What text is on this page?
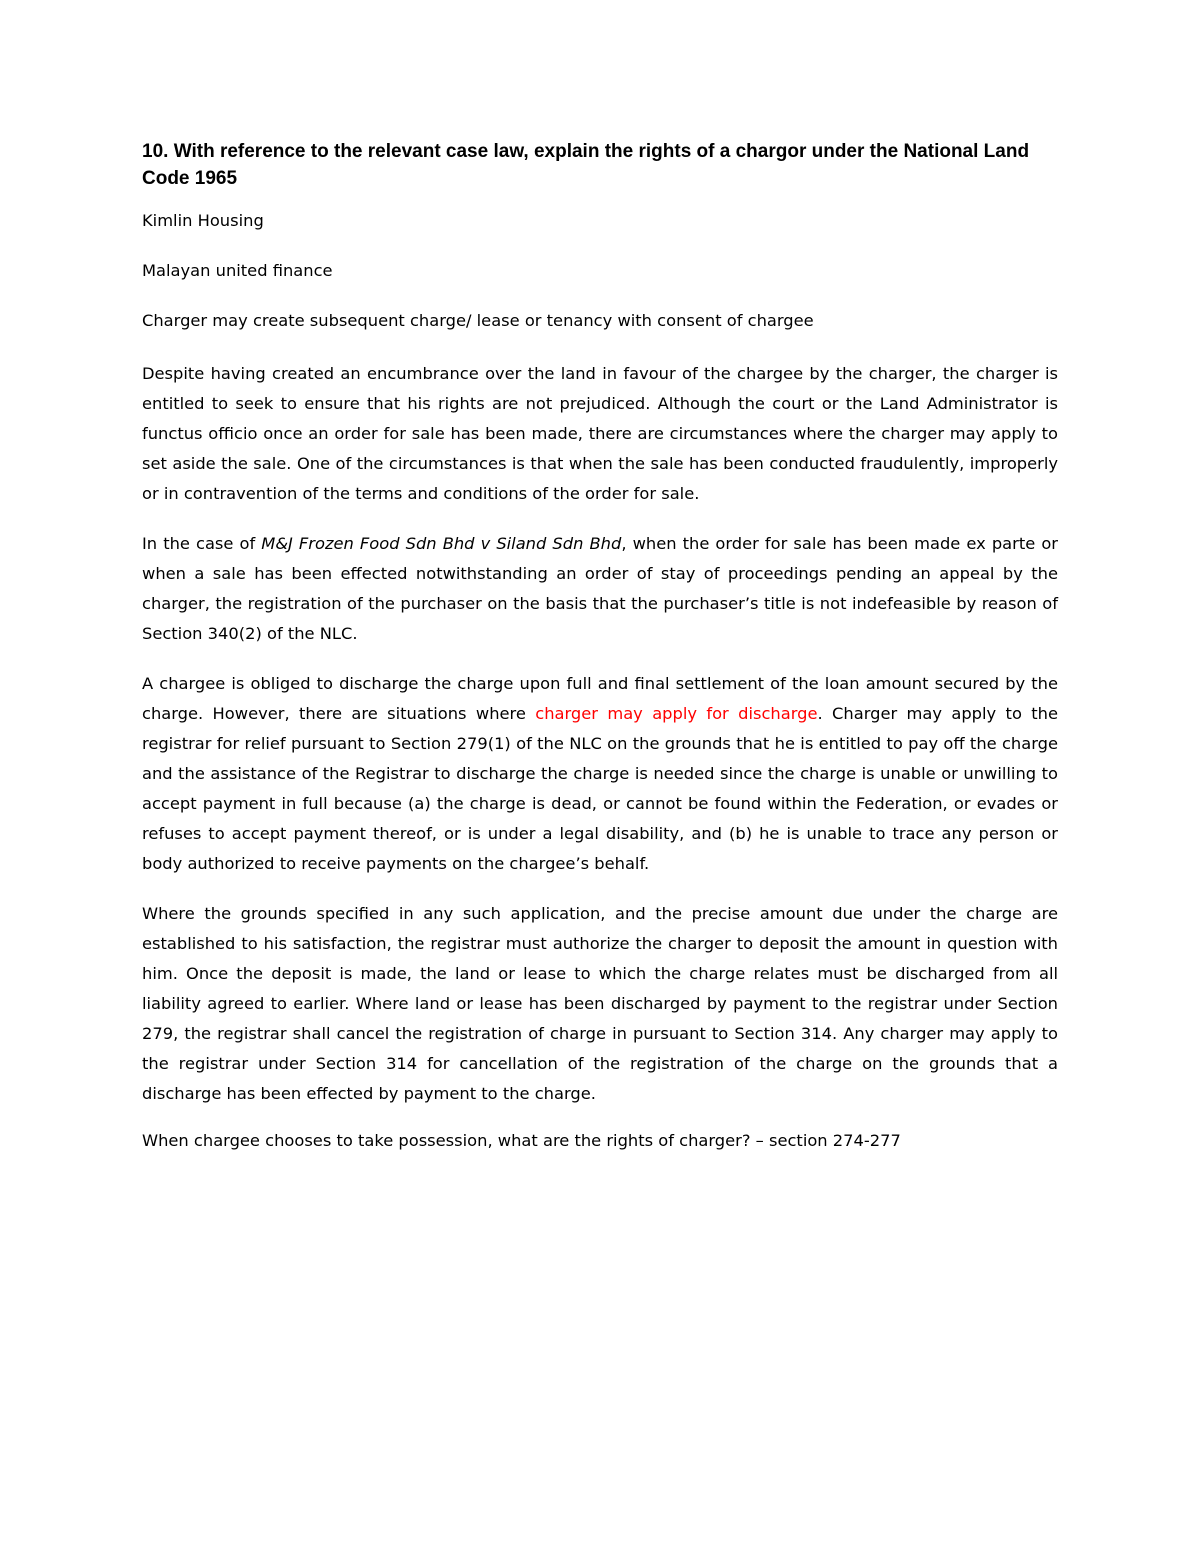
10. With reference to the relevant case law, explain the rights of a chargor under the National Land Code 1965

Kimlin Housing

Malayan united finance

Charger may create subsequent charge/ lease or tenancy with consent of chargee

Despite having created an encumbrance over the land in favour of the chargee by the charger, the charger is entitled to seek to ensure that his rights are not prejudiced. Although the court or the Land Administrator is functus officio once an order for sale has been made, there are circumstances where the charger may apply to set aside the sale. One of the circumstances is that when the sale has been conducted fraudulently, improperly or in contravention of the terms and conditions of the order for sale.

In the case of M&J Frozen Food Sdn Bhd v Siland Sdn Bhd, when the order for sale has been made ex parte or when a sale has been effected notwithstanding an order of stay of proceedings pending an appeal by the charger, the registration of the purchaser on the basis that the purchaser’s title is not indefeasible by reason of Section 340(2) of the NLC.

A chargee is obliged to discharge the charge upon full and final settlement of the loan amount secured by the charge. However, there are situations where charger may apply for discharge. Charger may apply to the registrar for relief pursuant to Section 279(1) of the NLC on the grounds that he is entitled to pay off the charge and the assistance of the Registrar to discharge the charge is needed since the charge is unable or unwilling to accept payment in full because (a) the charge is dead, or cannot be found within the Federation, or evades or refuses to accept payment thereof, or is under a legal disability, and (b) he is unable to trace any person or body authorized to receive payments on the chargee’s behalf.

Where the grounds specified in any such application, and the precise amount due under the charge are established to his satisfaction, the registrar must authorize the charger to deposit the amount in question with him. Once the deposit is made, the land or lease to which the charge relates must be discharged from all liability agreed to earlier. Where land or lease has been discharged by payment to the registrar under Section 279, the registrar shall cancel the registration of charge in pursuant to Section 314. Any charger may apply to the registrar under Section 314 for cancellation of the registration of the charge on the grounds that a discharge has been effected by payment to the charge.

When chargee chooses to take possession, what are the rights of charger? – section 274-277
